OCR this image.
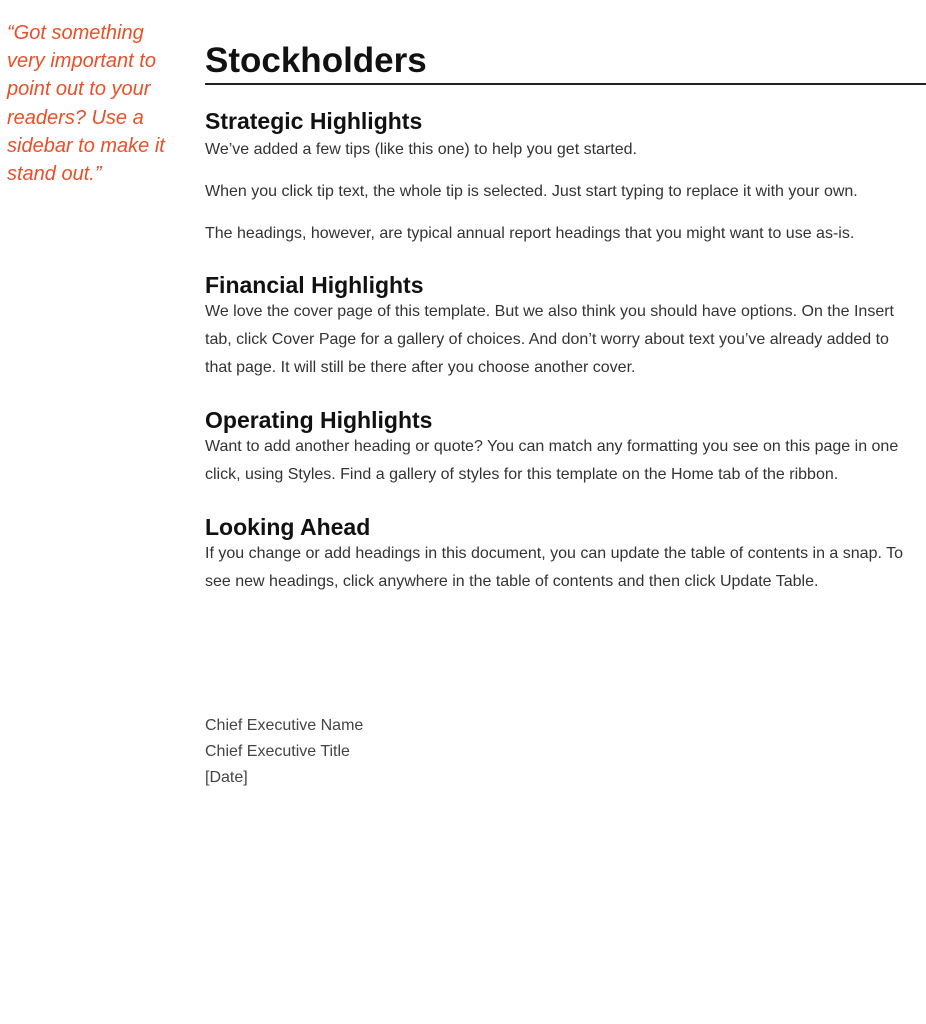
“Got something very important to point out to your readers? Use a sidebar to make it stand out.”

Stockholders
Strategic Highlights

We’ve added a few tips (like this one) to help you get started.

When you click tip text, the whole tip is selected. Just start typing to replace it with your own.

The headings, however, are typical annual report headings that you might want to use as-is.

Financial Highlights

We love the cover page of this template. But we also think you should have options. On the Insert tab, click Cover Page for a gallery of choices. And don’t worry about text you’ve already added to that page. It will still be there after you choose another cover.

Operating Highlights

Want to add another heading or quote? You can match any formatting you see on this page in one click, using Styles. Find a gallery of styles for this template on the Home tab of the ribbon.

Looking Ahead

If you change or add headings in this document, you can update the table of contents in a snap. To see new headings, click anywhere in the table of contents and then click Update Table.

Chief Executive Name
Chief Executive Title
[Date]
